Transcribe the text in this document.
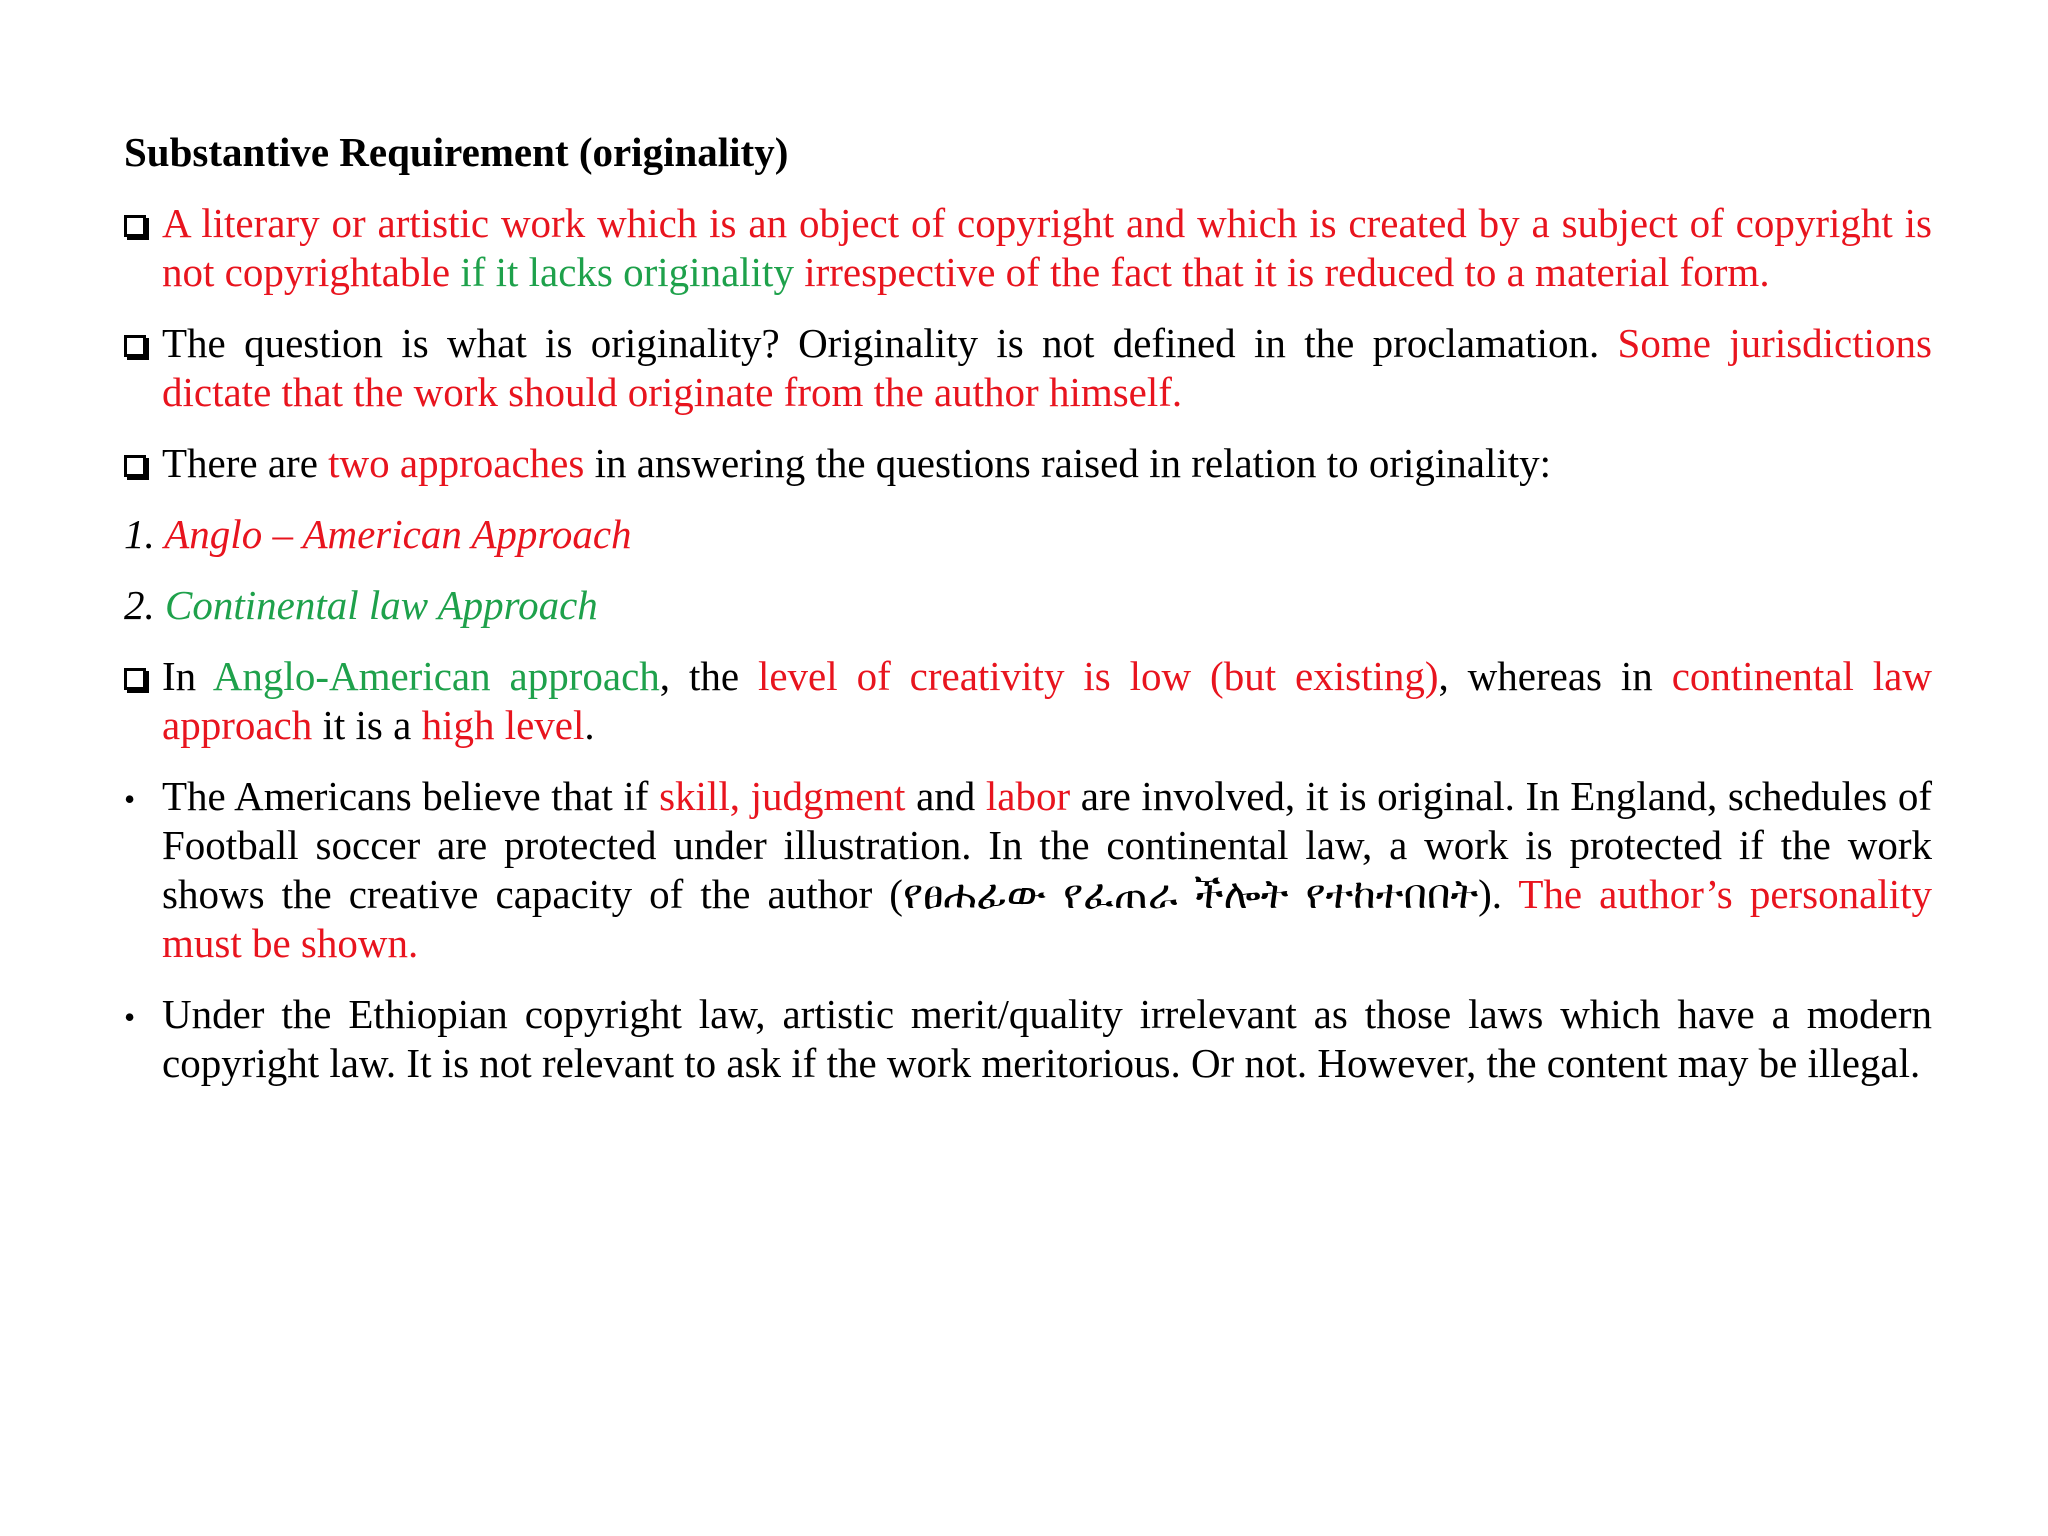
Substantive Requirement (originality)
A literary or artistic work which is an object of copyright and which is created by a subject of copyright is not copyrightable if it lacks originality irrespective of the fact that it is reduced to a material form.
The question is what is originality? Originality is not defined in the proclamation. Some jurisdictions dictate that the work should originate from the author himself.
There are two approaches in answering the questions raised in relation to originality:
1. Anglo – American Approach
2. Continental law Approach
In Anglo-American approach, the level of creativity is low (but existing), whereas in continental law approach it is a high level.
• The Americans believe that if skill, judgment and labor are involved, it is original. In England, schedules of Football soccer are protected under illustration. In the continental law, a work is protected if the work shows the creative capacity of the author (የፀሐፊው የፈጠራ ችሎት የተከተበበት). The author’s personality must be shown.
• Under the Ethiopian copyright law, artistic merit/quality irrelevant as those laws which have a modern copyright law. It is not relevant to ask if the work meritorious. Or not. However, the content may be illegal.
